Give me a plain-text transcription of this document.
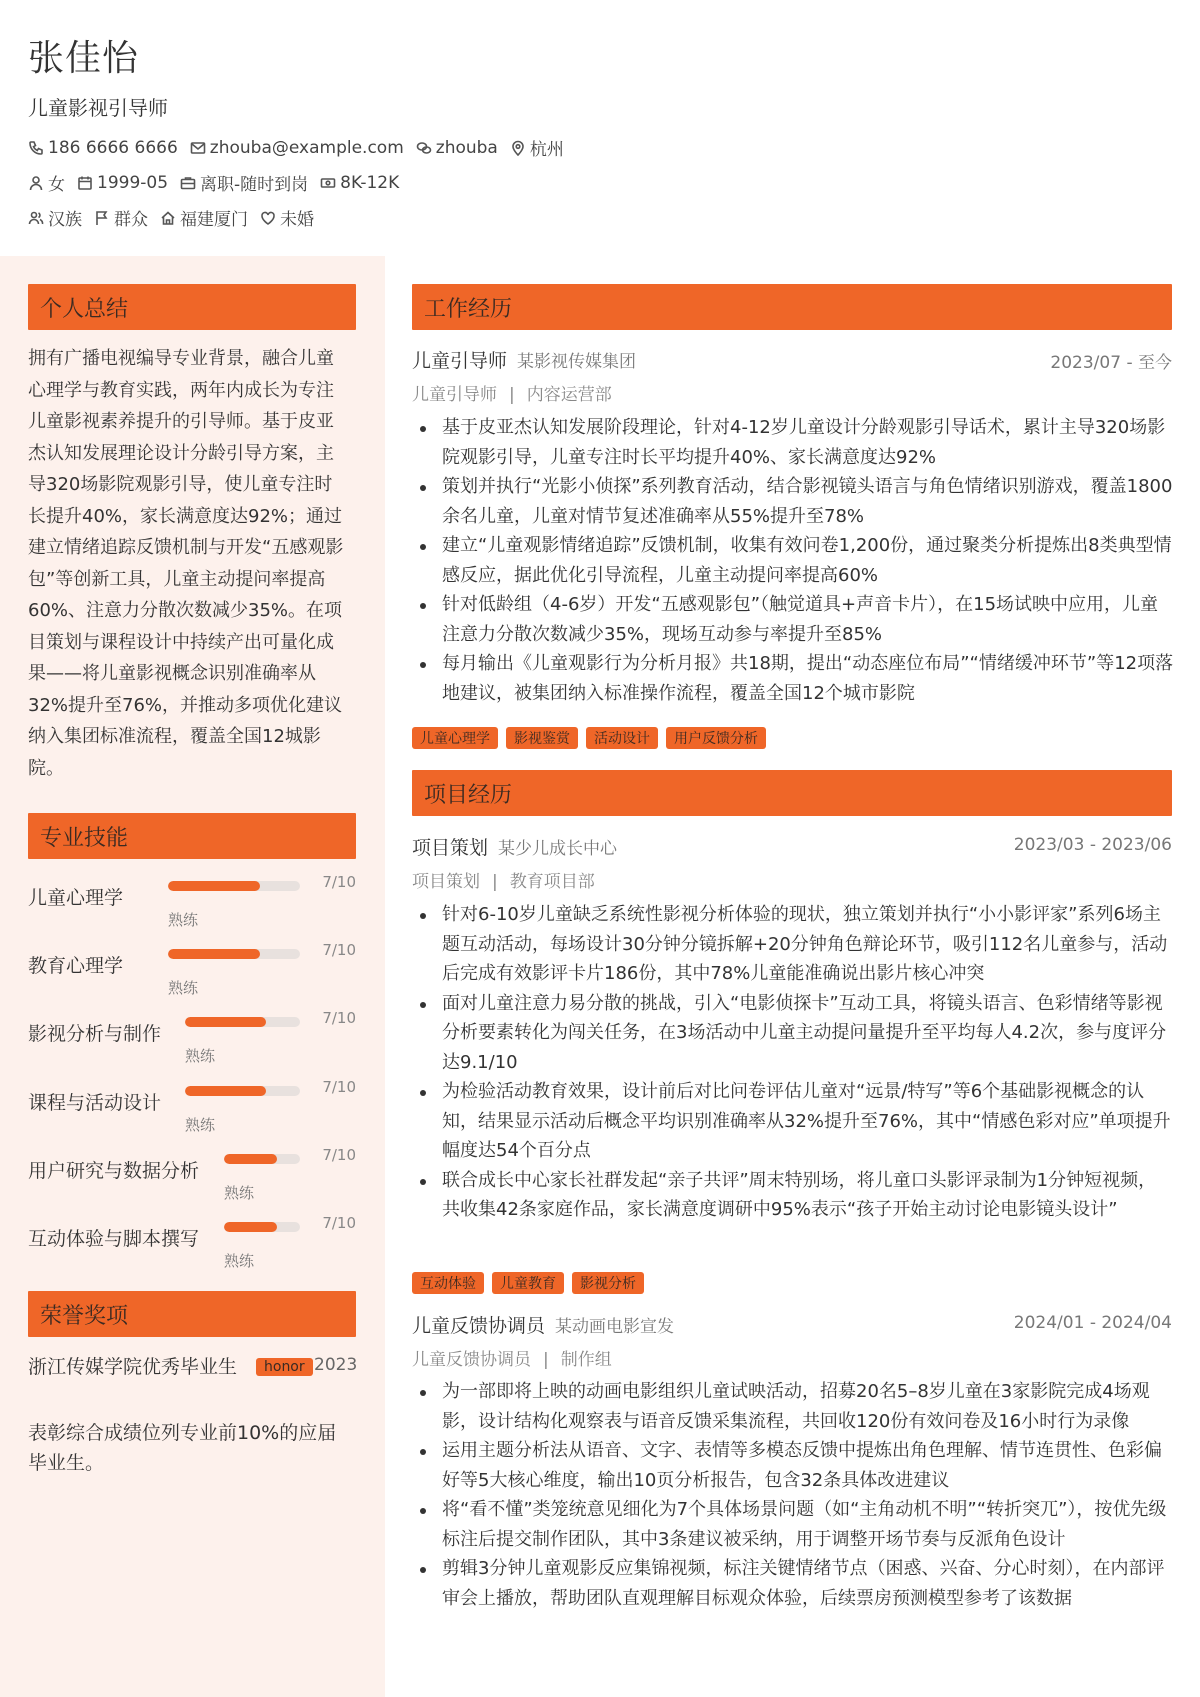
张佳怡
儿童影视引导师
186 6666 6666 zhouba@example.com zhouba 杭州
女 1999-05 离职-随时到岗 8K-12K
汉族 群众 福建厦门 未婚
个人总结
拥有广播电视编导专业背景，融合儿童心理学与教育实践，两年内成长为专注儿童影视素养提升的引导师。基于皮亚杰认知发展理论设计分龄引导方案，主导320场影院观影引导，使儿童专注时长提升40%，家长满意度达92%；通过建立情绪追踪反馈机制与开发“五感观影包”等创新工具，儿童主动提问率提高60%、注意力分散次数减少35%。在项目策划与课程设计中持续产出可量化成果——将儿童影视概念识别准确率从32%提升至76%，并推动多项优化建议纳入集团标准流程，覆盖全国12城影院。
专业技能
儿童心理学
7/10
熟练
教育心理学
7/10
熟练
影视分析与制作
7/10
熟练
课程与活动设计
7/10
熟练
用户研究与数据分析
7/10
熟练
互动体验与脚本撰写
7/10
熟练
荣誉奖项
浙江传媒学院优秀毕业生	honor 2023
表彰综合成绩位列专业前10%的应届毕业生。
工作经历
儿童引导师 某影视传媒集团	2023/07 - 至今
儿童引导师 | 内容运营部
基于皮亚杰认知发展阶段理论，针对4-12岁儿童设计分龄观影引导话术，累计主导320场影院观影引导，儿童专注时长平均提升40%、家长满意度达92%
策划并执行“光影小侦探”系列教育活动，结合影视镜头语言与角色情绪识别游戏，覆盖1800余名儿童，儿童对情节复述准确率从55%提升至78%
建立“儿童观影情绪追踪”反馈机制，收集有效问卷1,200份，通过聚类分析提炼出8类典型情感反应，据此优化引导流程，儿童主动提问率提高60%
针对低龄组（4-6岁）开发“五感观影包”（触觉道具+声音卡片），在15场试映中应用，儿童注意力分散次数减少35%，现场互动参与率提升至85%
每月输出《儿童观影行为分析月报》共18期，提出“动态座位布局”“情绪缓冲环节”等12项落地建议，被集团纳入标准操作流程，覆盖全国12个城市影院
儿童心理学	影视鉴赏	活动设计	用户反馈分析
项目经历
项目策划 某少儿成长中心	2023/03 - 2023/06
项目策划 | 教育项目部
针对6-10岁儿童缺乏系统性影视分析体验的现状，独立策划并执行“小小影评家”系列6场主题互动活动，每场设计30分钟分镜拆解+20分钟角色辩论环节，吸引112名儿童参与，活动后完成有效影评卡片186份，其中78%儿童能准确说出影片核心冲突
面对儿童注意力易分散的挑战，引入“电影侦探卡”互动工具，将镜头语言、色彩情绪等影视分析要素转化为闯关任务，在3场活动中儿童主动提问量提升至平均每人4.2次，参与度评分达9.1/10
为检验活动教育效果，设计前后对比问卷评估儿童对“远景/特写”等6个基础影视概念的认知，结果显示活动后概念平均识别准确率从32%提升至76%，其中“情感色彩对应”单项提升幅度达54个百分点
联合成长中心家长社群发起“亲子共评”周末特别场，将儿童口头影评录制为1分钟短视频，共收集42条家庭作品，家长满意度调研中95%表示“孩子开始主动讨论电影镜头设计”
互动体验	儿童教育	影视分析
儿童反馈协调员 某动画电影宣发	2024/01 - 2024/04
儿童反馈协调员 | 制作组
为一部即将上映的动画电影组织儿童试映活动，招募20名5–8岁儿童在3家影院完成4场观影，设计结构化观察表与语音反馈采集流程，共回收120份有效问卷及16小时行为录像
运用主题分析法从语音、文字、表情等多模态反馈中提炼出角色理解、情节连贯性、色彩偏好等5大核心维度，输出10页分析报告，包含32条具体改进建议
将“看不懂”类笼统意见细化为7个具体场景问题（如“主角动机不明”“转折突兀”），按优先级标注后提交制作团队，其中3条建议被采纳，用于调整开场节奏与反派角色设计
剪辑3分钟儿童观影反应集锦视频，标注关键情绪节点（困惑、兴奋、分心时刻），在内部评审会上播放，帮助团队直观理解目标观众体验，后续票房预测模型参考了该数据
